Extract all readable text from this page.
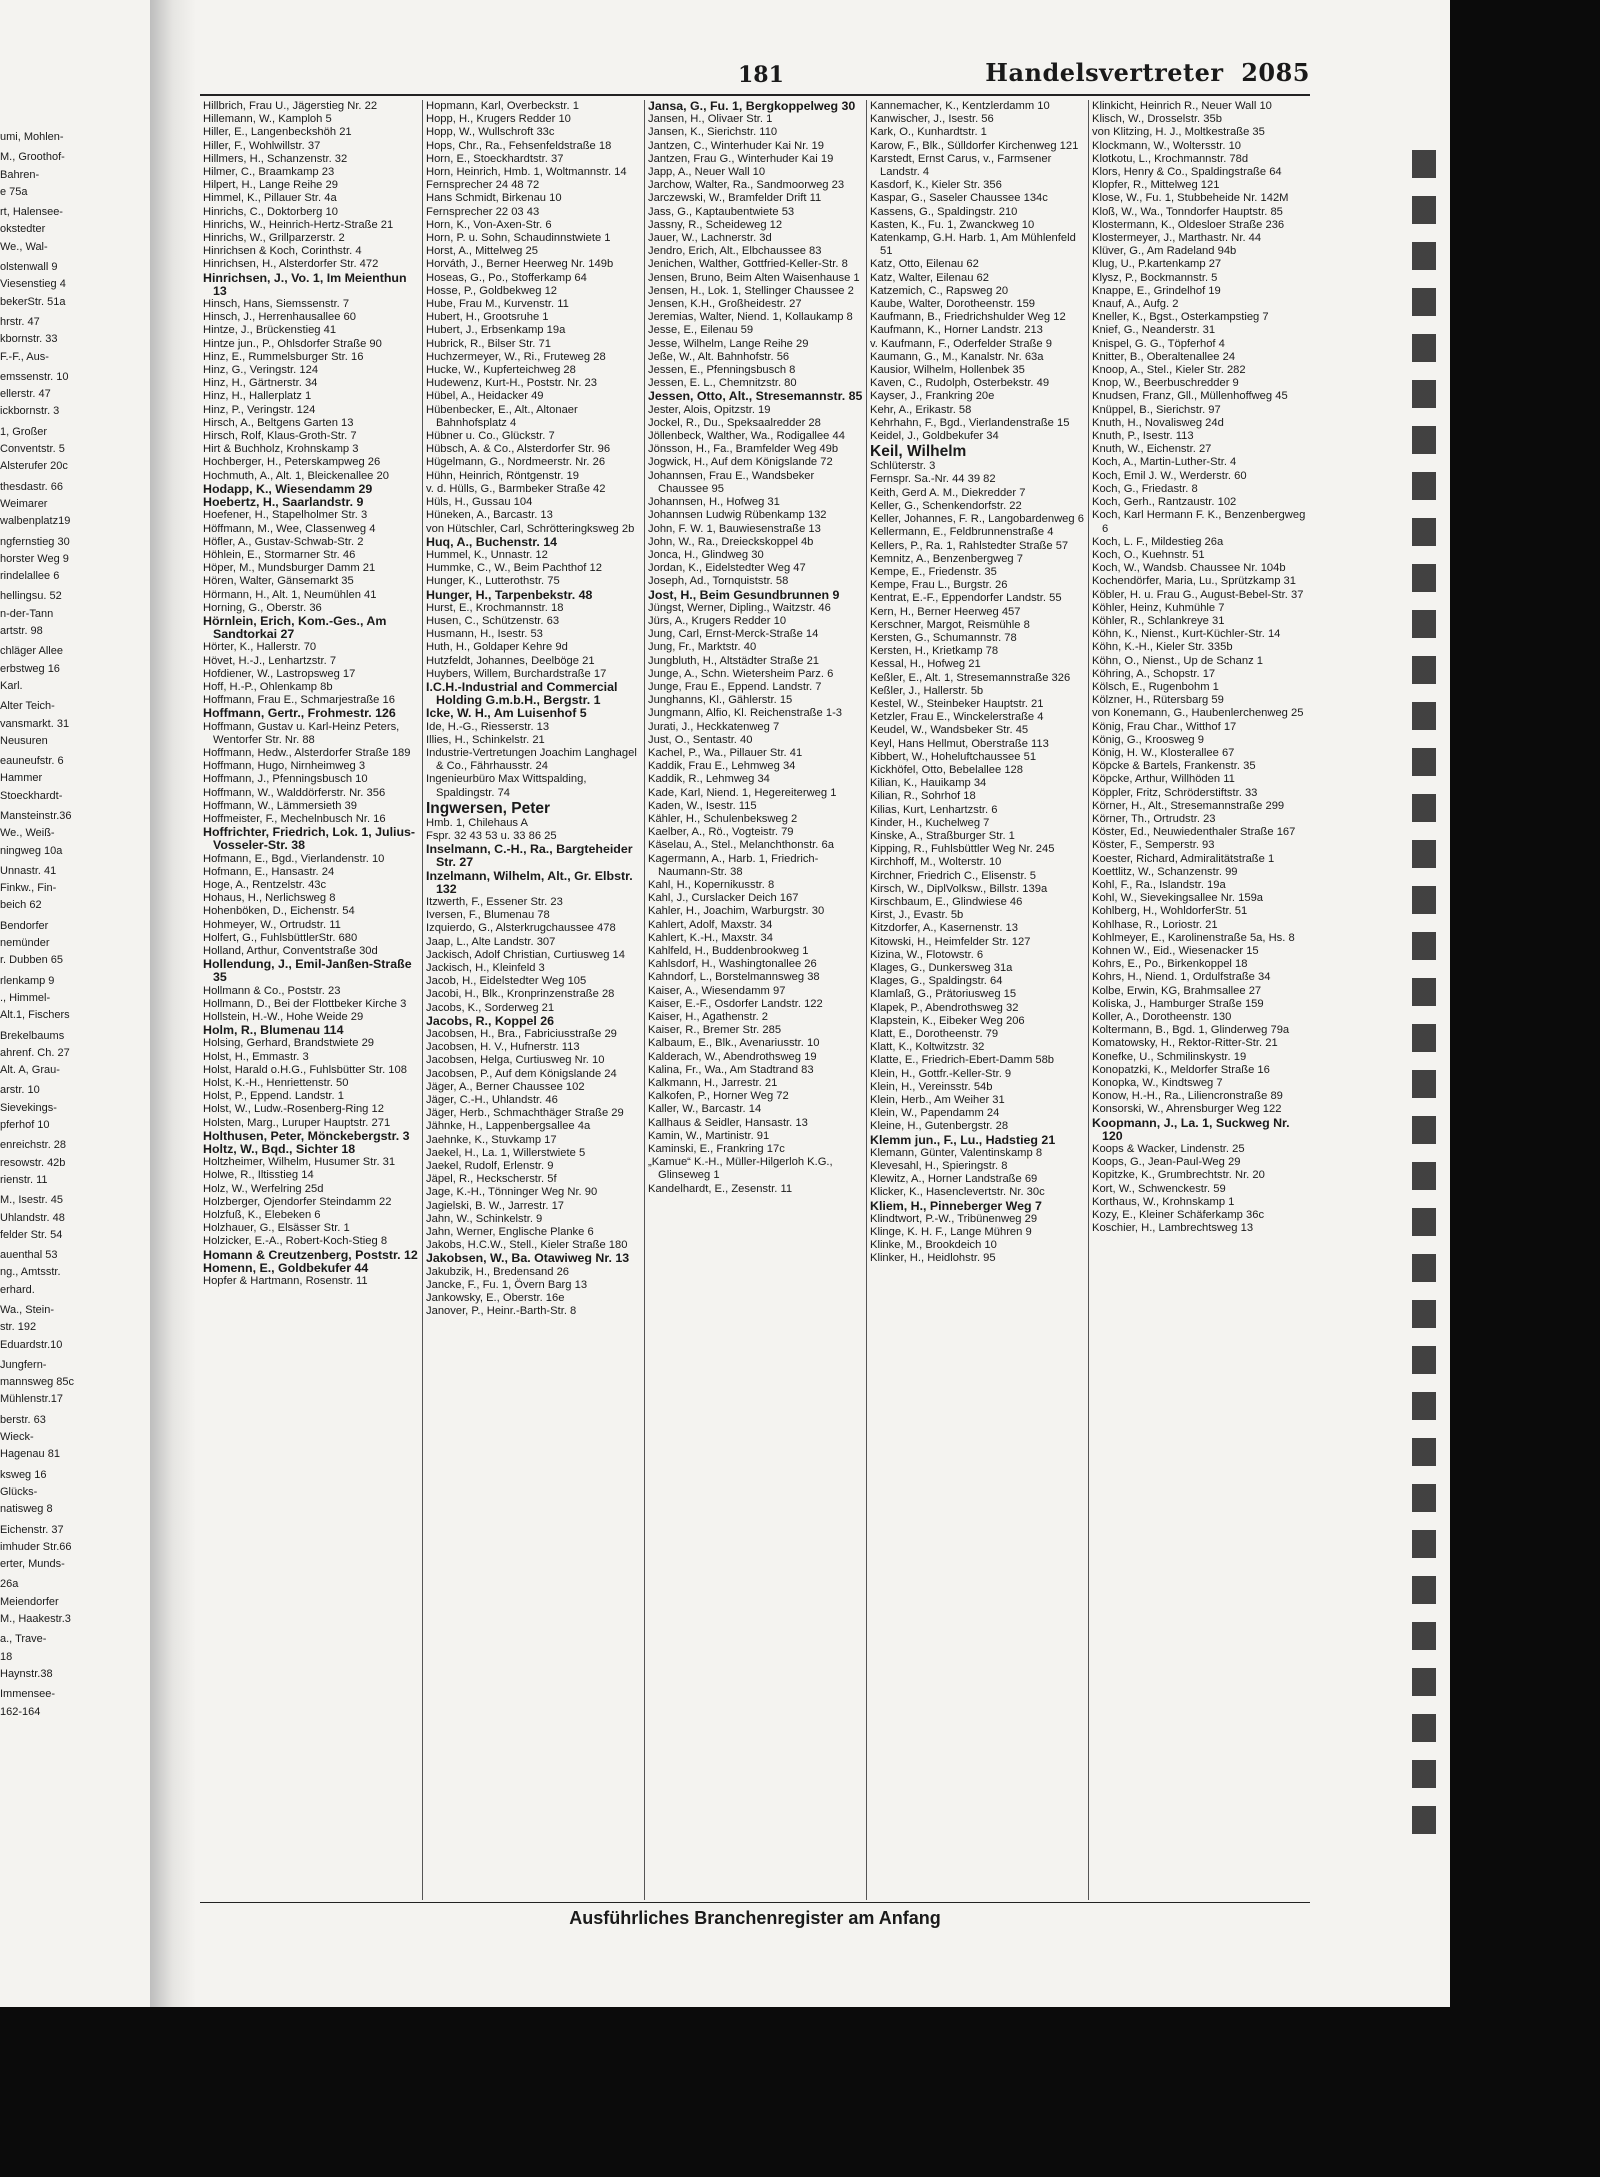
umi, Mohlen-
M., Groothof-
Bahren-
e 75a
rt, Halensee-
okstedter
We., Wal-
olstenwall 9
Viesenstieg 4
bekerStr. 51a
hrstr. 47
kbornstr. 33
F.-F., Aus-
emssenstr. 10
ellerstr. 47
ickbornstr. 3
1, Großer
Conventstr. 5
Alsterufer 20c
thesdastr. 66
Weimarer
walbenplatz19
ngfernstieg 30
horster Weg 9
rindelallee 6
hellingsu. 52
n-der-Tann
artstr. 98
chläger Allee
erbstweg 16
Karl.
Alter Teich-
vansmarkt. 31
Neusuren
eauneufstr. 6
Hammer
Stoeckhardt-
Mansteinstr.36
We., Weiß-
ningweg 10a
Unnastr. 41
Finkw., Fin-
beich 62
Bendorfer
nemünder
r. Dubben 65
rlenkamp 9
., Himmel-
Alt.1, Fischers
Brekelbaums
ahrenf. Ch. 27
Alt. A, Grau-
arstr. 10
Sievekings-
pferhof 10
enreichstr. 28
resowstr. 42b
rienstr. 11
M., Isestr. 45
Uhlandstr. 48
felder Str. 54
auenthal 53
ng., Amtsstr.
erhard.
Wa., Stein-
str. 192
Eduardstr.10
Jungfern-
mannsweg 85c
Mühlenstr.17
berstr. 63
Wieck-
Hagenau 81
ksweg 16
Glücks-
natisweg 8
Eichenstr. 37
imhuder Str.66
erter, Munds-
26a
Meiendorfer
M., Haakestr.3
a., Trave-
18
Haynstr.38
Immensee-
162-164
181	Handelsvertreter 2085
Hillbrich, Frau U., Jägerstieg Nr. 22
Hillemann, W., Kamploh 5
Hiller, E., Langenbeckshöh 21
Hiller, F., Wohlwillstr. 37
Hillmers, H., Schanzenstr. 32
Hilmer, C., Braamkamp 23
Hilpert, H., Lange Reihe 29
Himmel, K., Pillauer Str. 4a
Hinrichs, C., Doktorberg 10
Hinrichs, W., Heinrich-Hertz-Straße 21
Hinrichs, W., Grillparzerstr. 2
Hinrichsen & Koch, Corinthstr. 4
Hinrichsen, H., Alsterdorfer Str. 472
Hinrichsen, J., Vo. 1, Im Meienthun 13
Hinsch, Hans, Siemssenstr. 7
Hinsch, J., Herrenhausallee 60
Hintze, J., Brückenstieg 41
Hintze jun., P., Ohlsdorfer Straße 90
Hinz, E., Rummelsburger Str. 16
Hinz, G., Veringstr. 124
Hinz, H., Gärtnerstr. 34
Hinz, H., Hallerplatz 1
Hinz, P., Veringstr. 124
Hirsch, A., Beltgens Garten 13
Hirsch, Rolf, Klaus-Groth-Str. 7
Hirt & Buchholz, Krohnskamp 3
Hochberger, H., Peterskampweg 26
Hochmuth, A., Alt. 1, Bleickenallee 20
Hodapp, K., Wiesendamm 29
Hoebertz, H., Saarlandstr. 9
Hoefener, H., Stapelholmer Str. 3
Höffmann, M., Wee, Classenweg 4
Höfler, A., Gustav-Schwab-Str. 2
Höhlein, E., Stormarner Str. 46
Höper, M., Mundsburger Damm 21
Hören, Walter, Gänsemarkt 35
Hörmann, H., Alt. 1, Neumühlen 41
Horning, G., Oberstr. 36
Hörnlein, Erich, Kom.-Ges., Am Sandtorkai 27
Hörter, K., Hallerstr. 70
Hövet, H.-J., Lenhartzstr. 7
Hofdiener, W., Lastropsweg 17
Hoff, H.-P., Ohlenkamp 8b
Hoffmann, Frau E., Schmarjestraße 16
Hoffmann, Gertr., Frohmestr. 126
Hoffmann, Gustav u. Karl-Heinz Peters, Wentorfer Str. Nr. 88
Hoffmann, Hedw., Alsterdorfer Straße 189
Hoffmann, Hugo, Nirnheimweg 3
Hoffmann, J., Pfenningsbusch 10
Hoffmann, W., Walddörferstr. Nr. 356
Hoffmann, W., Lämmersieth 39
Hoffmeister, F., Mechelnbusch Nr. 16
Hoffrichter, Friedrich, Lok. 1, Julius-Vosseler-Str. 38
Hofmann, E., Bgd., Vierlandenstr. 10
Hofmann, E., Hansastr. 24
Hoge, A., Rentzelstr. 43c
Hohaus, H., Nerlichsweg 8
Hohenböken, D., Eichenstr. 54
Hohmeyer, W., Ortrudstr. 11
Holfert, G., FuhlsbüttlerStr. 680
Holland, Arthur, Conventstraße 30d
Hollendung, J., Emil-Janßen-Straße 35
Hollmann & Co., Poststr. 23
Hollmann, D., Bei der Flottbeker Kirche 3
Hollstein, H.-W., Hohe Weide 29
Holm, R., Blumenau 114
Holsing, Gerhard, Brandstwiete 29
Holst, H., Emmastr. 3
Holst, Harald o.H.G., Fuhlsbütter Str. 108
Holst, K.-H., Henriettenstr. 50
Holst, P., Eppend. Landstr. 1
Holst, W., Ludw.-Rosenberg-Ring 12
Holsten, Marg., Luruper Hauptstr. 271
Holthusen, Peter, Mönckebergstr. 3
Holtz, W., Bqd., Sichter 18
Holtzheimer, Wilhelm, Husumer Str. 31
Holwe, R., Iltisstieg 14
Holz, W., Werfelring 25d
Holzberger, Ojendorfer Steindamm 22
Holzfuß, K., Elebeken 6
Holzhauer, G., Elsässer Str. 1
Holzicker, E.-A., Robert-Koch-Stieg 8
Homann & Creutzenberg, Poststr. 12
Homenn, E., Goldbekufer 44
Hopfer & Hartmann, Rosenstr. 11
Hopmann, Karl, Overbeckstr. 1
Hopp, H., Krugers Redder 10
Hopp, W., Wullschroft 33c
Hops, Chr., Ra., Fehsenfeldstraße 18
Horn, E., Stoeckhardtstr. 37
Horn, Heinrich, Hmb. 1, Woltmannstr. 14
Fernsprecher 24 48 72
Hans Schmidt, Birkenau 10
Fernsprecher 22 03 43
Horn, K., Von-Axen-Str. 6
Horn, P. u. Sohn, Schaudinnstwiete 1
Horst, A., Mittelweg 25
Horváth, J., Berner Heerweg Nr. 149b
Hoseas, G., Po., Stofferkamp 64
Hosse, P., Goldbekweg 12
Hube, Frau M., Kurvenstr. 11
Hubert, H., Grootsruhe 1
Hubert, J., Erbsenkamp 19a
Hubrick, R., Bilser Str. 71
Huchzermeyer, W., Ri., Fruteweg 28
Hucke, W., Kupferteichweg 28
Hudewenz, Kurt-H., Poststr. Nr. 23
Hübel, A., Heidacker 49
Hübenbecker, E., Alt., Altonaer Bahnhofsplatz 4
Hübner u. Co., Glückstr. 7
Hübsch, A. & Co., Alsterdorfer Str. 96
Hügelmann, G., Nordmeerstr. Nr. 26
Hühn, Heinrich, Röntgenstr. 19
v. d. Hülls, G., Barmbeker Straße 42
Hüls, H., Gussau 104
Hüneken, A., Barcastr. 13
von Hütschler, Carl, Schrötteringksweg 2b
Huq, A., Buchenstr. 14
Hummel, K., Unnastr. 12
Hummke, C., W., Beim Pachthof 12
Hunger, K., Lutterothstr. 75
Hunger, H., Tarpenbekstr. 48
Hurst, E., Krochmannstr. 18
Husen, C., Schützenstr. 63
Husmann, H., Isestr. 53
Huth, H., Goldaper Kehre 9d
Hutzfeldt, Johannes, Deelböge 21
Huybers, Willem, Burchardstraße 17
I.C.H.-Industrial and Commercial Holding G.m.b.H., Bergstr. 1
Icke, W. H., Am Luisenhof 5
Ide, H.-G., Riesserstr. 13
Illies, H., Schinkelstr. 21
Industrie-Vertretungen Joachim Langhagel & Co., Fährhausstr. 24
Ingenieurbüro Max Wittspalding, Spaldingstr. 74
Ingwersen, Peter
Hmb. 1, Chilehaus A
Fspr. 32 43 53 u. 33 86 25
Inselmann, C.-H., Ra., Bargteheider Str. 27
Inzelmann, Wilhelm, Alt., Gr. Elbstr. 132
Itzwerth, F., Essener Str. 23
Iversen, F., Blumenau 78
Izquierdo, G., Alsterkrugchaussee 478
Jaap, L., Alte Landstr. 307
Jackisch, Adolf Christian, Curtiusweg 14
Jackisch, H., Kleinfeld 3
Jacob, H., Eidelstedter Weg 105
Jacobi, H., Blk., Kronprinzenstraße 28
Jacobs, K., Sorderweg 21
Jacobs, R., Koppel 26
Jacobsen, H., Bra., Fabriciusstraße 29
Jacobsen, H. V., Hufnerstr. 113
Jacobsen, Helga, Curtiusweg Nr. 10
Jacobsen, P., Auf dem Königslande 24
Jäger, A., Berner Chaussee 102
Jäger, C.-H., Uhlandstr. 46
Jäger, Herb., Schmachthäger Straße 29
Jähnke, H., Lappenbergsallee 4a
Jaehnke, K., Stuvkamp 17
Jaekel, H., La. 1, Willerstwiete 5
Jaekel, Rudolf, Erlenstr. 9
Jäpel, R., Heckscherstr. 5f
Jage, K.-H., Tönninger Weg Nr. 90
Jagielski, B. W., Jarrestr. 17
Jahn, W., Schinkelstr. 9
Jahn, Werner, Englische Planke 6
Jakobs, H.C.W., Stell., Kieler Straße 180
Jakobsen, W., Ba. Otawiweg Nr. 13
Jakubzik, H., Bredensand 26
Jancke, F., Fu. 1, Övern Barg 13
Jankowsky, E., Oberstr. 16e
Janover, P., Heinr.-Barth-Str. 8
Jansa, G., Fu. 1, Bergkoppelweg 30
Jansen, H., Olivaer Str. 1
Jansen, K., Sierichstr. 110
Jantzen, C., Winterhuder Kai Nr. 19
Jantzen, Frau G., Winterhuder Kai 19
Japp, A., Neuer Wall 10
Jarchow, Walter, Ra., Sandmoorweg 23
Jarczewski, W., Bramfelder Drift 11
Jass, G., Kaptaubentwiete 53
Jassny, R., Scheideweg 12
Jauer, W., Lachnerstr. 3d
Jendro, Erich, Alt., Elbchaussee 83
Jenichen, Walther, Gottfried-Keller-Str. 8
Jensen, Bruno, Beim Alten Waisenhause 1
Jensen, H., Lok. 1, Stellinger Chaussee 2
Jensen, K.H., Großheidestr. 27
Jeremias, Walter, Niend. 1, Kollaukamp 8
Jesse, E., Eilenau 59
Jesse, Wilhelm, Lange Reihe 29
Jeße, W., Alt. Bahnhofstr. 56
Jessen, E., Pfenningsbusch 8
Jessen, E. L., Chemnitzstr. 80
Jessen, Otto, Alt., Stresemannstr. 85
Jester, Alois, Opitzstr. 19
Jockel, R., Du., Speksaalredder 28
Jöllenbeck, Walther, Wa., Rodigallee 44
Jönsson, H., Fa., Bramfelder Weg 49b
Jogwick, H., Auf dem Königslande 72
Johannsen, Frau E., Wandsbeker Chaussee 95
Johannsen, H., Hofweg 31
Johannsen Ludwig Rübenkamp 132
John, F. W. 1, Bauwiesenstraße 13
John, W., Ra., Dreieckskoppel 4b
Jonca, H., Glindweg 30
Jordan, K., Eidelstedter Weg 47
Joseph, Ad., Tornquiststr. 58
Jost, H., Beim Gesundbrunnen 9
Jüngst, Werner, Dipling., Waitzstr. 46
Jürs, A., Krugers Redder 10
Jung, Carl, Ernst-Merck-Straße 14
Jung, Fr., Marktstr. 40
Jungbluth, H., Altstädter Straße 21
Junge, A., Schn. Wietersheim Parz. 6
Junge, Frau E., Eppend. Landstr. 7
Junghanns, Kl., Gählerstr. 15
Jungmann, Alfio, Kl. Reichenstraße 1-3
Jurati, J., Heckkatenweg 7
Just, O., Sentastr. 40
Kachel, P., Wa., Pillauer Str. 41
Kaddik, Frau E., Lehmweg 34
Kaddik, R., Lehmweg 34
Kade, Karl, Niend. 1, Hegereiterweg 1
Kaden, W., Isestr. 115
Kähler, H., Schulenbeksweg 2
Kaelber, A., Rö., Vogteistr. 79
Käselau, A., Stel., Melanchthonstr. 6a
Kagermann, A., Harb. 1, Friedrich-Naumann-Str. 38
Kahl, H., Kopernikusstr. 8
Kahl, J., Curslacker Deich 167
Kahler, H., Joachim, Warburgstr. 30
Kahlert, Adolf, Maxstr. 34
Kahlert, K.-H., Maxstr. 34
Kahlfeld, H., Buddenbrookweg 1
Kahlsdorf, H., Washingtonallee 26
Kahndorf, L., Borstelmannsweg 38
Kaiser, A., Wiesendamm 97
Kaiser, E.-F., Osdorfer Landstr. 122
Kaiser, H., Agathenstr. 2
Kaiser, R., Bremer Str. 285
Kalbaum, E., Blk., Avenariusstr. 10
Kalderach, W., Abendrothsweg 19
Kalina, Fr., Wa., Am Stadtrand 83
Kalkmann, H., Jarrestr. 21
Kalkofen, P., Horner Weg 72
Kaller, W., Barcastr. 14
Kallhaus & Seidler, Hansastr. 13
Kamin, W., Martinistr. 91
Kaminski, E., Frankring 17c
„Kamue“ K.-H., Müller-Hilgerloh K.G., Glinseweg 1
Kandelhardt, E., Zesenstr. 11
Kannemacher, K., Kentzlerdamm 10
Kanwischer, J., Isestr. 56
Kark, O., Kunhardtstr. 1
Karow, F., Blk., Sülldorfer Kirchenweg 121
Karstedt, Ernst Carus, v., Farmsener Landstr. 4
Kasdorf, K., Kieler Str. 356
Kaspar, G., Saseler Chaussee 134c
Kassens, G., Spaldingstr. 210
Kasten, K., Fu. 1, Zwanckweg 10
Katenkamp, G.H. Harb. 1, Am Mühlenfeld 51
Katz, Otto, Eilenau 62
Katz, Walter, Eilenau 62
Katzemich, C., Rapsweg 20
Kaube, Walter, Dorotheenstr. 159
Kaufmann, B., Friedrichshulder Weg 12
Kaufmann, K., Horner Landstr. 213
v. Kaufmann, F., Oderfelder Straße 9
Kaumann, G., M., Kanalstr. Nr. 63a
Kausior, Wilhelm, Hollenbek 35
Kaven, C., Rudolph, Osterbekstr. 49
Kayser, J., Frankring 20e
Kehr, A., Erikastr. 58
Kehrhahn, F., Bgd., Vierlandenstraße 15
Keidel, J., Goldbekufer 34
Keil, Wilhelm
Schlüterstr. 3
Fernspr. Sa.-Nr. 44 39 82
Keith, Gerd A. M., Diekredder 7
Keller, G., Schenkendorfstr. 22
Keller, Johannes, F. R., Langobardenweg 6
Kellermann, E., Feldbrunnenstraße 4
Kellers, P., Ra. 1, Rahlstedter Straße 57
Kemnitz, A., Benzenbergweg 7
Kempe, E., Friedenstr. 35
Kempe, Frau L., Burgstr. 26
Kentrat, E.-F., Eppendorfer Landstr. 55
Kern, H., Berner Heerweg 457
Kerschner, Margot, Reismühle 8
Kersten, G., Schumannstr. 78
Kersten, H., Krietkamp 78
Kessal, H., Hofweg 21
Keßler, E., Alt. 1, Stresemannstraße 326
Keßler, J., Hallerstr. 5b
Kestel, W., Steinbeker Hauptstr. 21
Ketzler, Frau E., Winckelerstraße 4
Keudel, W., Wandsbeker Str. 45
Keyl, Hans Hellmut, Oberstraße 113
Kibbert, W., Hoheluftchaussee 51
Kickhöfel, Otto, Bebelallee 128
Kilian, K., Hauikamp 34
Kilian, R., Sohrhof 18
Kilias, Kurt, Lenhartzstr. 6
Kinder, H., Kuchelweg 7
Kinske, A., Straßburger Str. 1
Kipping, R., Fuhlsbüttler Weg Nr. 245
Kirchhoff, M., Wolterstr. 10
Kirchner, Friedrich C., Elisenstr. 5
Kirsch, W., DiplVolksw., Billstr. 139a
Kirschbaum, E., Glindwiese 46
Kirst, J., Evastr. 5b
Kitzdorfer, A., Kasernenstr. 13
Kitowski, H., Heimfelder Str. 127
Kizina, W., Flotowstr. 6
Klages, G., Dunkersweg 31a
Klages, G., Spaldingstr. 64
Klamlaß, G., Prätoriusweg 15
Klapek, P., Abendrothsweg 32
Klapstein, K., Eibeker Weg 206
Klatt, E., Dorotheenstr. 79
Klatt, K., Koltwitzstr. 32
Klatte, E., Friedrich-Ebert-Damm 58b
Klein, H., Gottfr.-Keller-Str. 9
Klein, H., Vereinsstr. 54b
Klein, Herb., Am Weiher 31
Klein, W., Papendamm 24
Kleine, H., Gutenbergstr. 28
Klemm jun., F., Lu., Hadstieg 21
Klemann, Günter, Valentinskamp 8
Klevesahl, H., Spieringstr. 8
Klewitz, A., Horner Landstraße 69
Klicker, K., Hasenclevertstr. Nr. 30c
Kliem, H., Pinneberger Weg 7
Klindtwort, P.-W., Tribünenweg 29
Klinge, K. H. F., Lange Mühren 9
Klinke, M., Brookdeich 10
Klinker, H., Heidlohstr. 95
Klinkicht, Heinrich R., Neuer Wall 10
Klisch, W., Drosselstr. 35b
von Klitzing, H. J., Moltkestraße 35
Klockmann, W., Woltersstr. 10
Klotkotu, L., Krochmannstr. 78d
Klors, Henry & Co., Spaldingstraße 64
Klopfer, R., Mittelweg 121
Klose, W., Fu. 1, Stubbeheide Nr. 142M
Kloß, W., Wa., Tonndorfer Hauptstr. 85
Klostermann, K., Oldesloer Straße 236
Klostermeyer, J., Marthastr. Nr. 44
Klüver, G., Am Radeland 94b
Klug, U., P.kartenkamp 27
Klysz, P., Bockmannstr. 5
Knappe, E., Grindelhof 19
Knauf, A., Aufg. 2
Kneller, K., Bgst., Osterkampstieg 7
Knief, G., Neanderstr. 31
Knispel, G. G., Töpferhof 4
Knitter, B., Oberaltenallee 24
Knoop, A., Stel., Kieler Str. 282
Knop, W., Beerbuschredder 9
Knudsen, Franz, Gll., Müllenhoffweg 45
Knüppel, B., Sierichstr. 97
Knuth, H., Novalisweg 24d
Knuth, P., Isestr. 113
Knuth, W., Eichenstr. 27
Koch, A., Martin-Luther-Str. 4
Koch, Emil J. W., Werderstr. 60
Koch, G., Friedastr. 8
Koch, Gerh., Rantzaustr. 102
Koch, Karl Hermann F. K., Benzenbergweg 6
Koch, L. F., Mildestieg 26a
Koch, O., Kuehnstr. 51
Koch, W., Wandsb. Chaussee Nr. 104b
Kochendörfer, Maria, Lu., Sprützkamp 31
Köbler, H. u. Frau G., August-Bebel-Str. 37
Köhler, Heinz, Kuhmühle 7
Köhler, R., Schlankreye 31
Köhn, K., Nienst., Kurt-Küchler-Str. 14
Köhn, K.-H., Kieler Str. 335b
Köhn, O., Nienst., Up de Schanz 1
Köhring, A., Schopstr. 17
Kölsch, E., Rugenbohm 1
Kölzner, H., Rütersbarg 59
von Konemann, G., Haubenlerchenweg 25
König, Frau Char., Witthof 17
König, G., Kroosweg 9
König, H. W., Klosterallee 67
Köpcke & Bartels, Frankenstr. 35
Köpcke, Arthur, Willhöden 11
Köppler, Fritz, Schröderstiftstr. 33
Körner, H., Alt., Stresemannstraße 299
Körner, Th., Ortrudstr. 23
Köster, Ed., Neuwiedenthaler Straße 167
Köster, F., Semperstr. 93
Koester, Richard, Admiralitätstraße 1
Koettlitz, W., Schanzenstr. 99
Kohl, F., Ra., Islandstr. 19a
Kohl, W., Sievekingsallee Nr. 159a
Kohlberg, H., WohldorferStr. 51
Kohlhase, R., Loriostr. 21
Kohlmeyer, E., Karolinenstraße 5a, Hs. 8
Kohnen W., Eid., Wiesenacker 15
Kohrs, E., Po., Birkenkoppel 18
Kohrs, H., Niend. 1, Ordulfstraße 34
Kolbe, Erwin, KG, Brahmsallee 27
Koliska, J., Hamburger Straße 159
Koller, A., Dorotheenstr. 130
Koltermann, B., Bgd. 1, Glinderweg 79a
Komatowsky, H., Rektor-Ritter-Str. 21
Konefke, U., Schmilinskystr. 19
Konopatzki, K., Meldorfer Straße 16
Konopka, W., Kindtsweg 7
Konow, H.-H., Ra., Liliencronstraße 89
Konsorski, W., Ahrensburger Weg 122
Koopmann, J., La. 1, Suckweg Nr. 120
Koops & Wacker, Lindenstr. 25
Koops, G., Jean-Paul-Weg 29
Kopitzke, K., Grumbrechtstr. Nr. 20
Kort, W., Schwenckestr. 59
Korthaus, W., Krohnskamp 1
Kozy, E., Kleiner Schäferkamp 36c
Koschier, H., Lambrechtsweg 13
Ausführliches Branchenregister am Anfang
